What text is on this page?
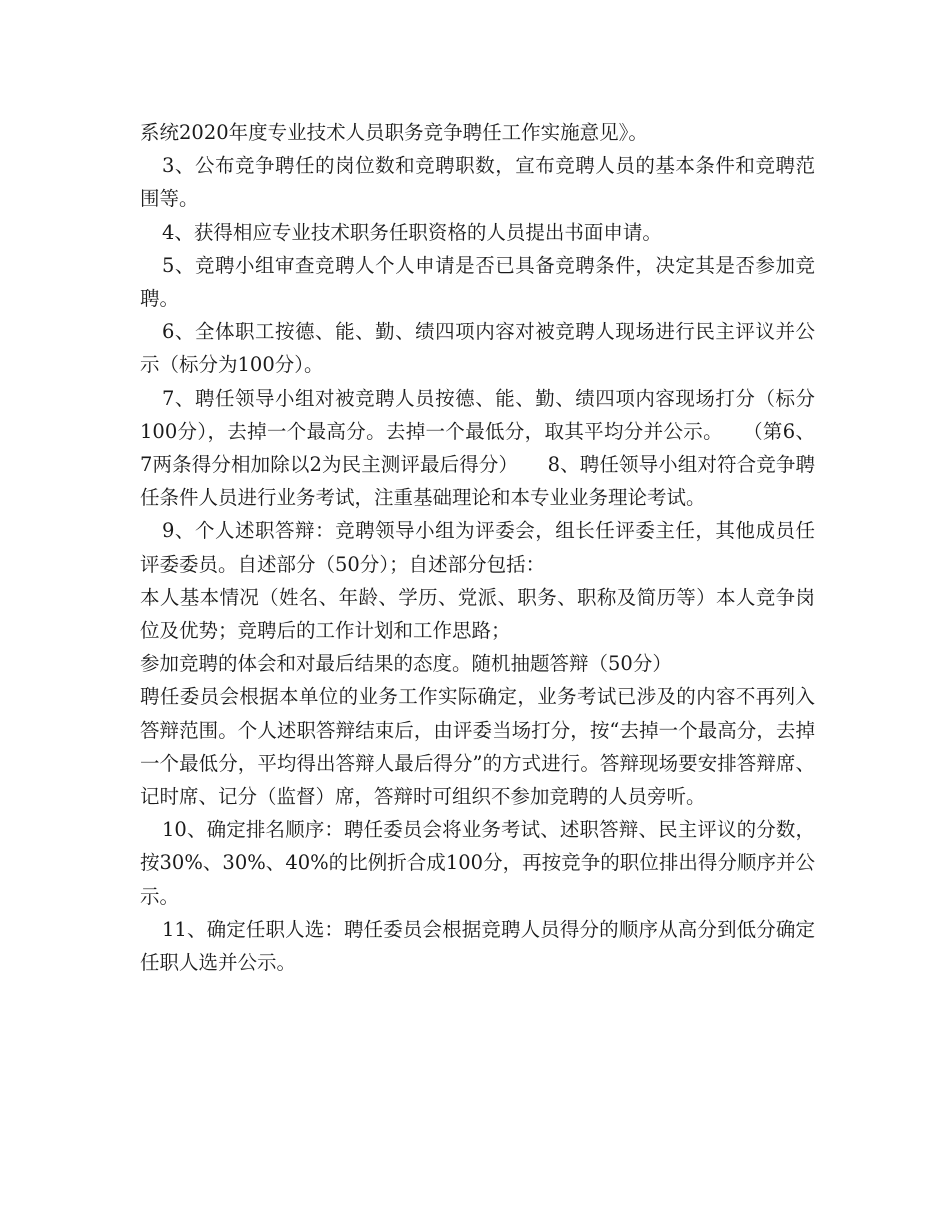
系统2020年度专业技术人员职务竞争聘任工作实施意见》。

3、公布竞争聘任的岗位数和竞聘职数，宣布竞聘人员的基本条件和竞聘范围等。

4、获得相应专业技术职务任职资格的人员提出书面申请。

5、竞聘小组审查竞聘人个人申请是否已具备竞聘条件，决定其是否参加竞聘。

6、全体职工按德、能、勤、绩四项内容对被竞聘人现场进行民主评议并公示（标分为100分）。

7、聘任领导小组对被竞聘人员按德、能、勤、绩四项内容现场打分（标分100分），去掉一个最高分。去掉一个最低分，取其平均分并公示。　　（第6、7两条得分相加除以2为民主测评最后得分）　　8、聘任领导小组对符合竞争聘任条件人员进行业务考试，注重基础理论和本专业业务理论考试。

9、个人述职答辩：竞聘领导小组为评委会，组长任评委主任，其他成员任评委委员。自述部分（50分）；自述部分包括：

本人基本情况（姓名、年龄、学历、党派、职务、职称及简历等）本人竞争岗位及优势；竞聘后的工作计划和工作思路；

参加竞聘的体会和对最后结果的态度。随机抽题答辩（50分）

聘任委员会根据本单位的业务工作实际确定，业务考试已涉及的内容不再列入答辩范围。个人述职答辩结束后，由评委当场打分，按“去掉一个最高分，去掉一个最低分，平均得出答辩人最后得分”的方式进行。答辩现场要安排答辩席、记时席、记分（监督）席，答辩时可组织不参加竞聘的人员旁听。

10、确定排名顺序：聘任委员会将业务考试、述职答辩、民主评议的分数，按30%、30%、40%的比例折合成100分，再按竞争的职位排出得分顺序并公示。

11、确定任职人选：聘任委员会根据竞聘人员得分的顺序从高分到低分确定任职人选并公示。
